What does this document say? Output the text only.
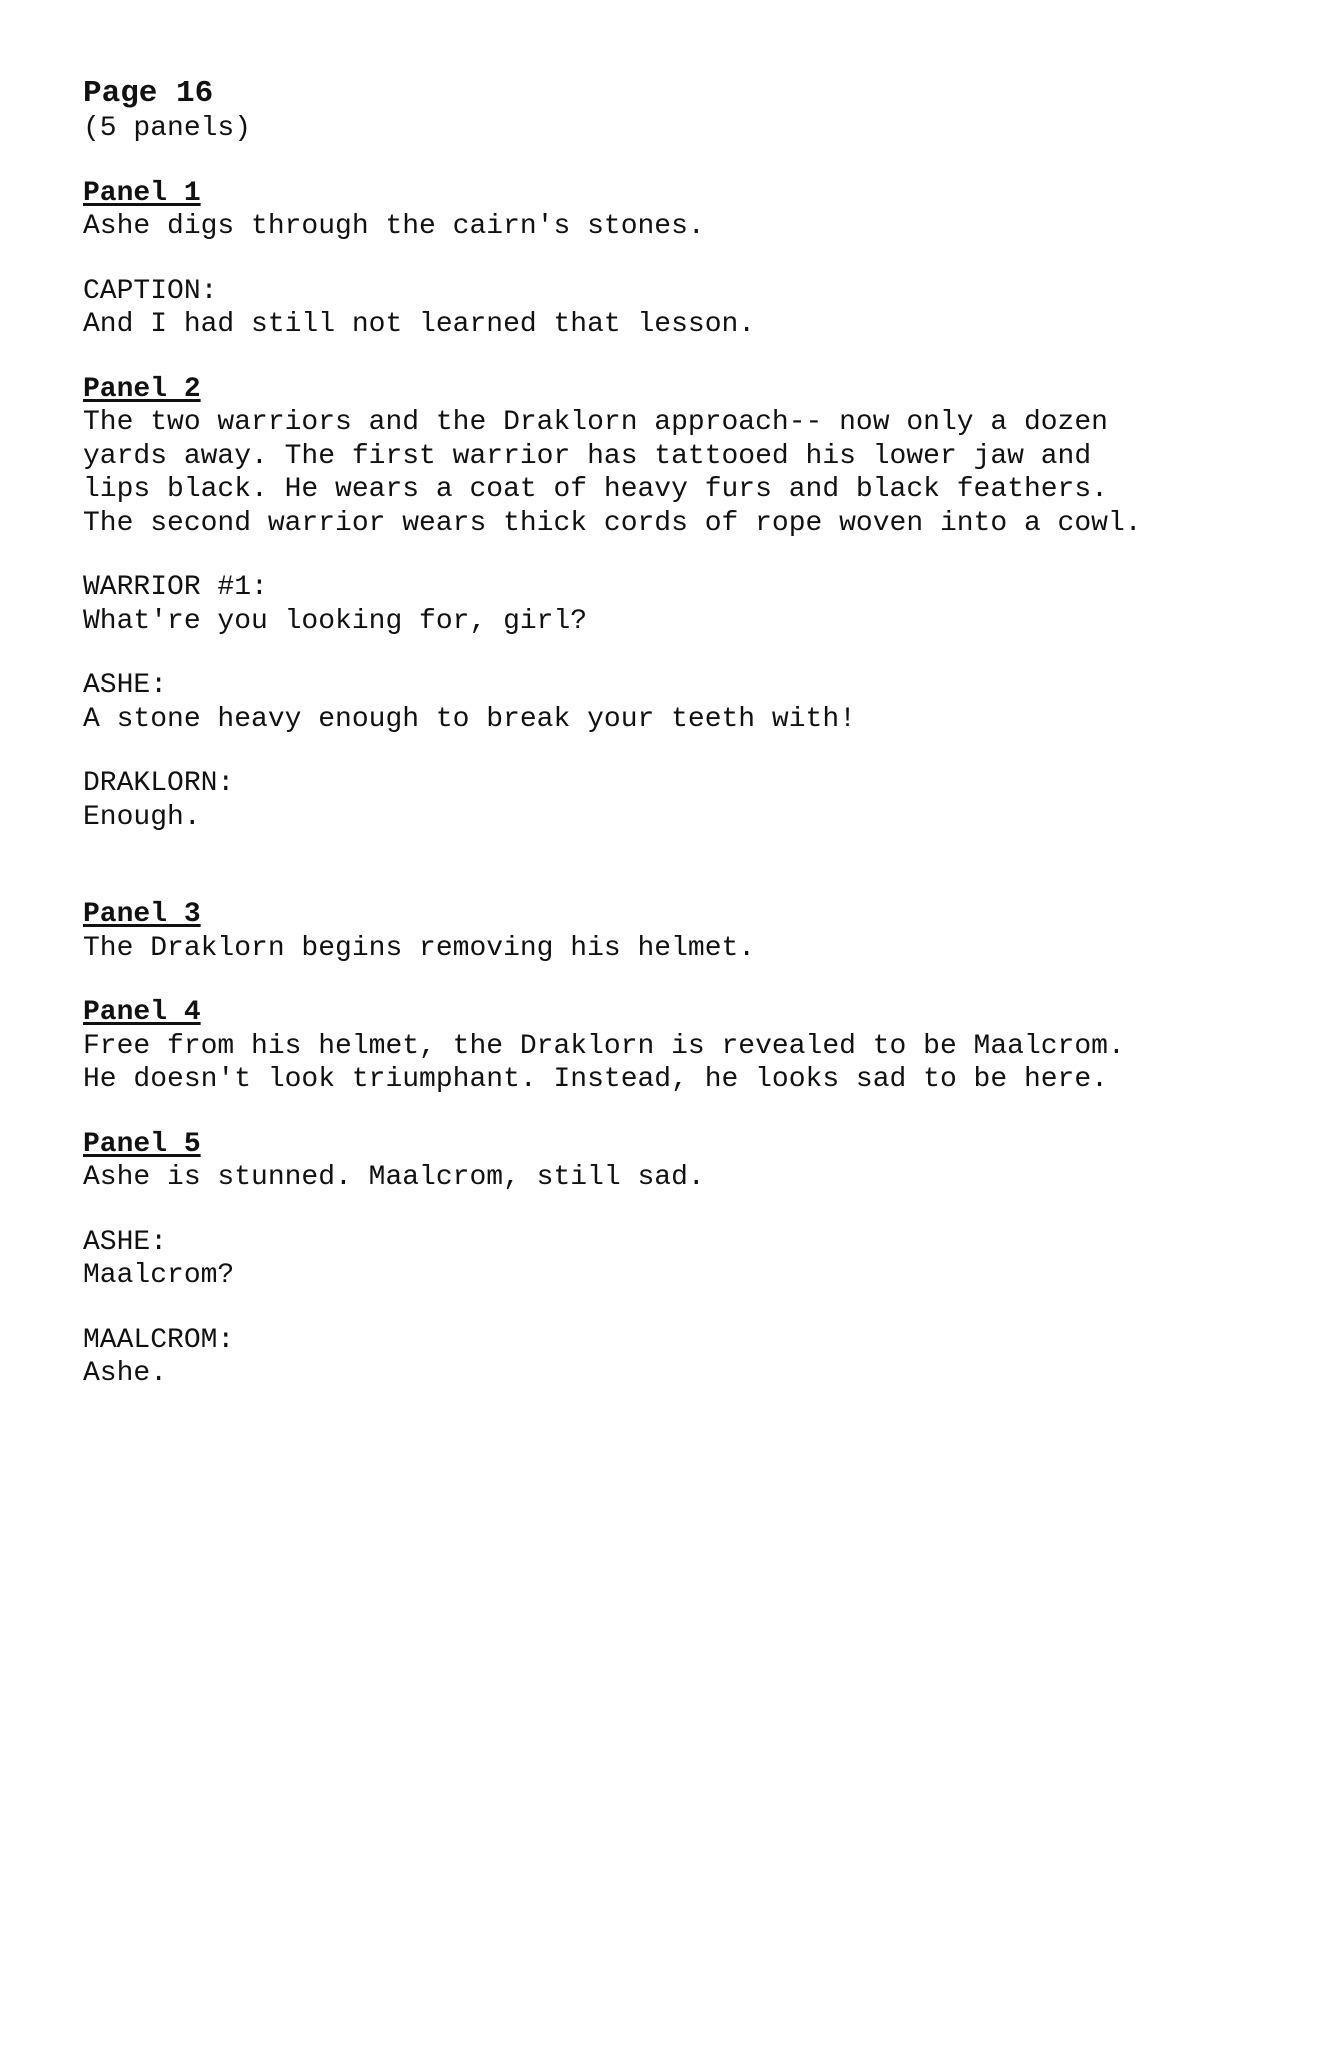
Page 16

(5 panels)

Panel 1

Ashe digs through the cairn's stones.

CAPTION:

And I had still not learned that lesson.

Panel 2

The two warriors and the Draklorn approach-- now only a dozen
yards away. The first warrior has tattooed his lower jaw and
lips black. He wears a coat of heavy furs and black feathers.
The second warrior wears thick cords of rope woven into a cowl.

WARRIOR #1:

What're you looking for, girl?

ASHE:

A stone heavy enough to break your teeth with!

DRAKLORN:

Enough.

Panel 3

The Draklorn begins removing his helmet.

Panel 4

Free from his helmet, the Draklorn is revealed to be Maalcrom.
He doesn't look triumphant. Instead, he looks sad to be here.

Panel 5

Ashe is stunned. Maalcrom, still sad.

ASHE:

Maalcrom?

MAALCROM:

Ashe.
